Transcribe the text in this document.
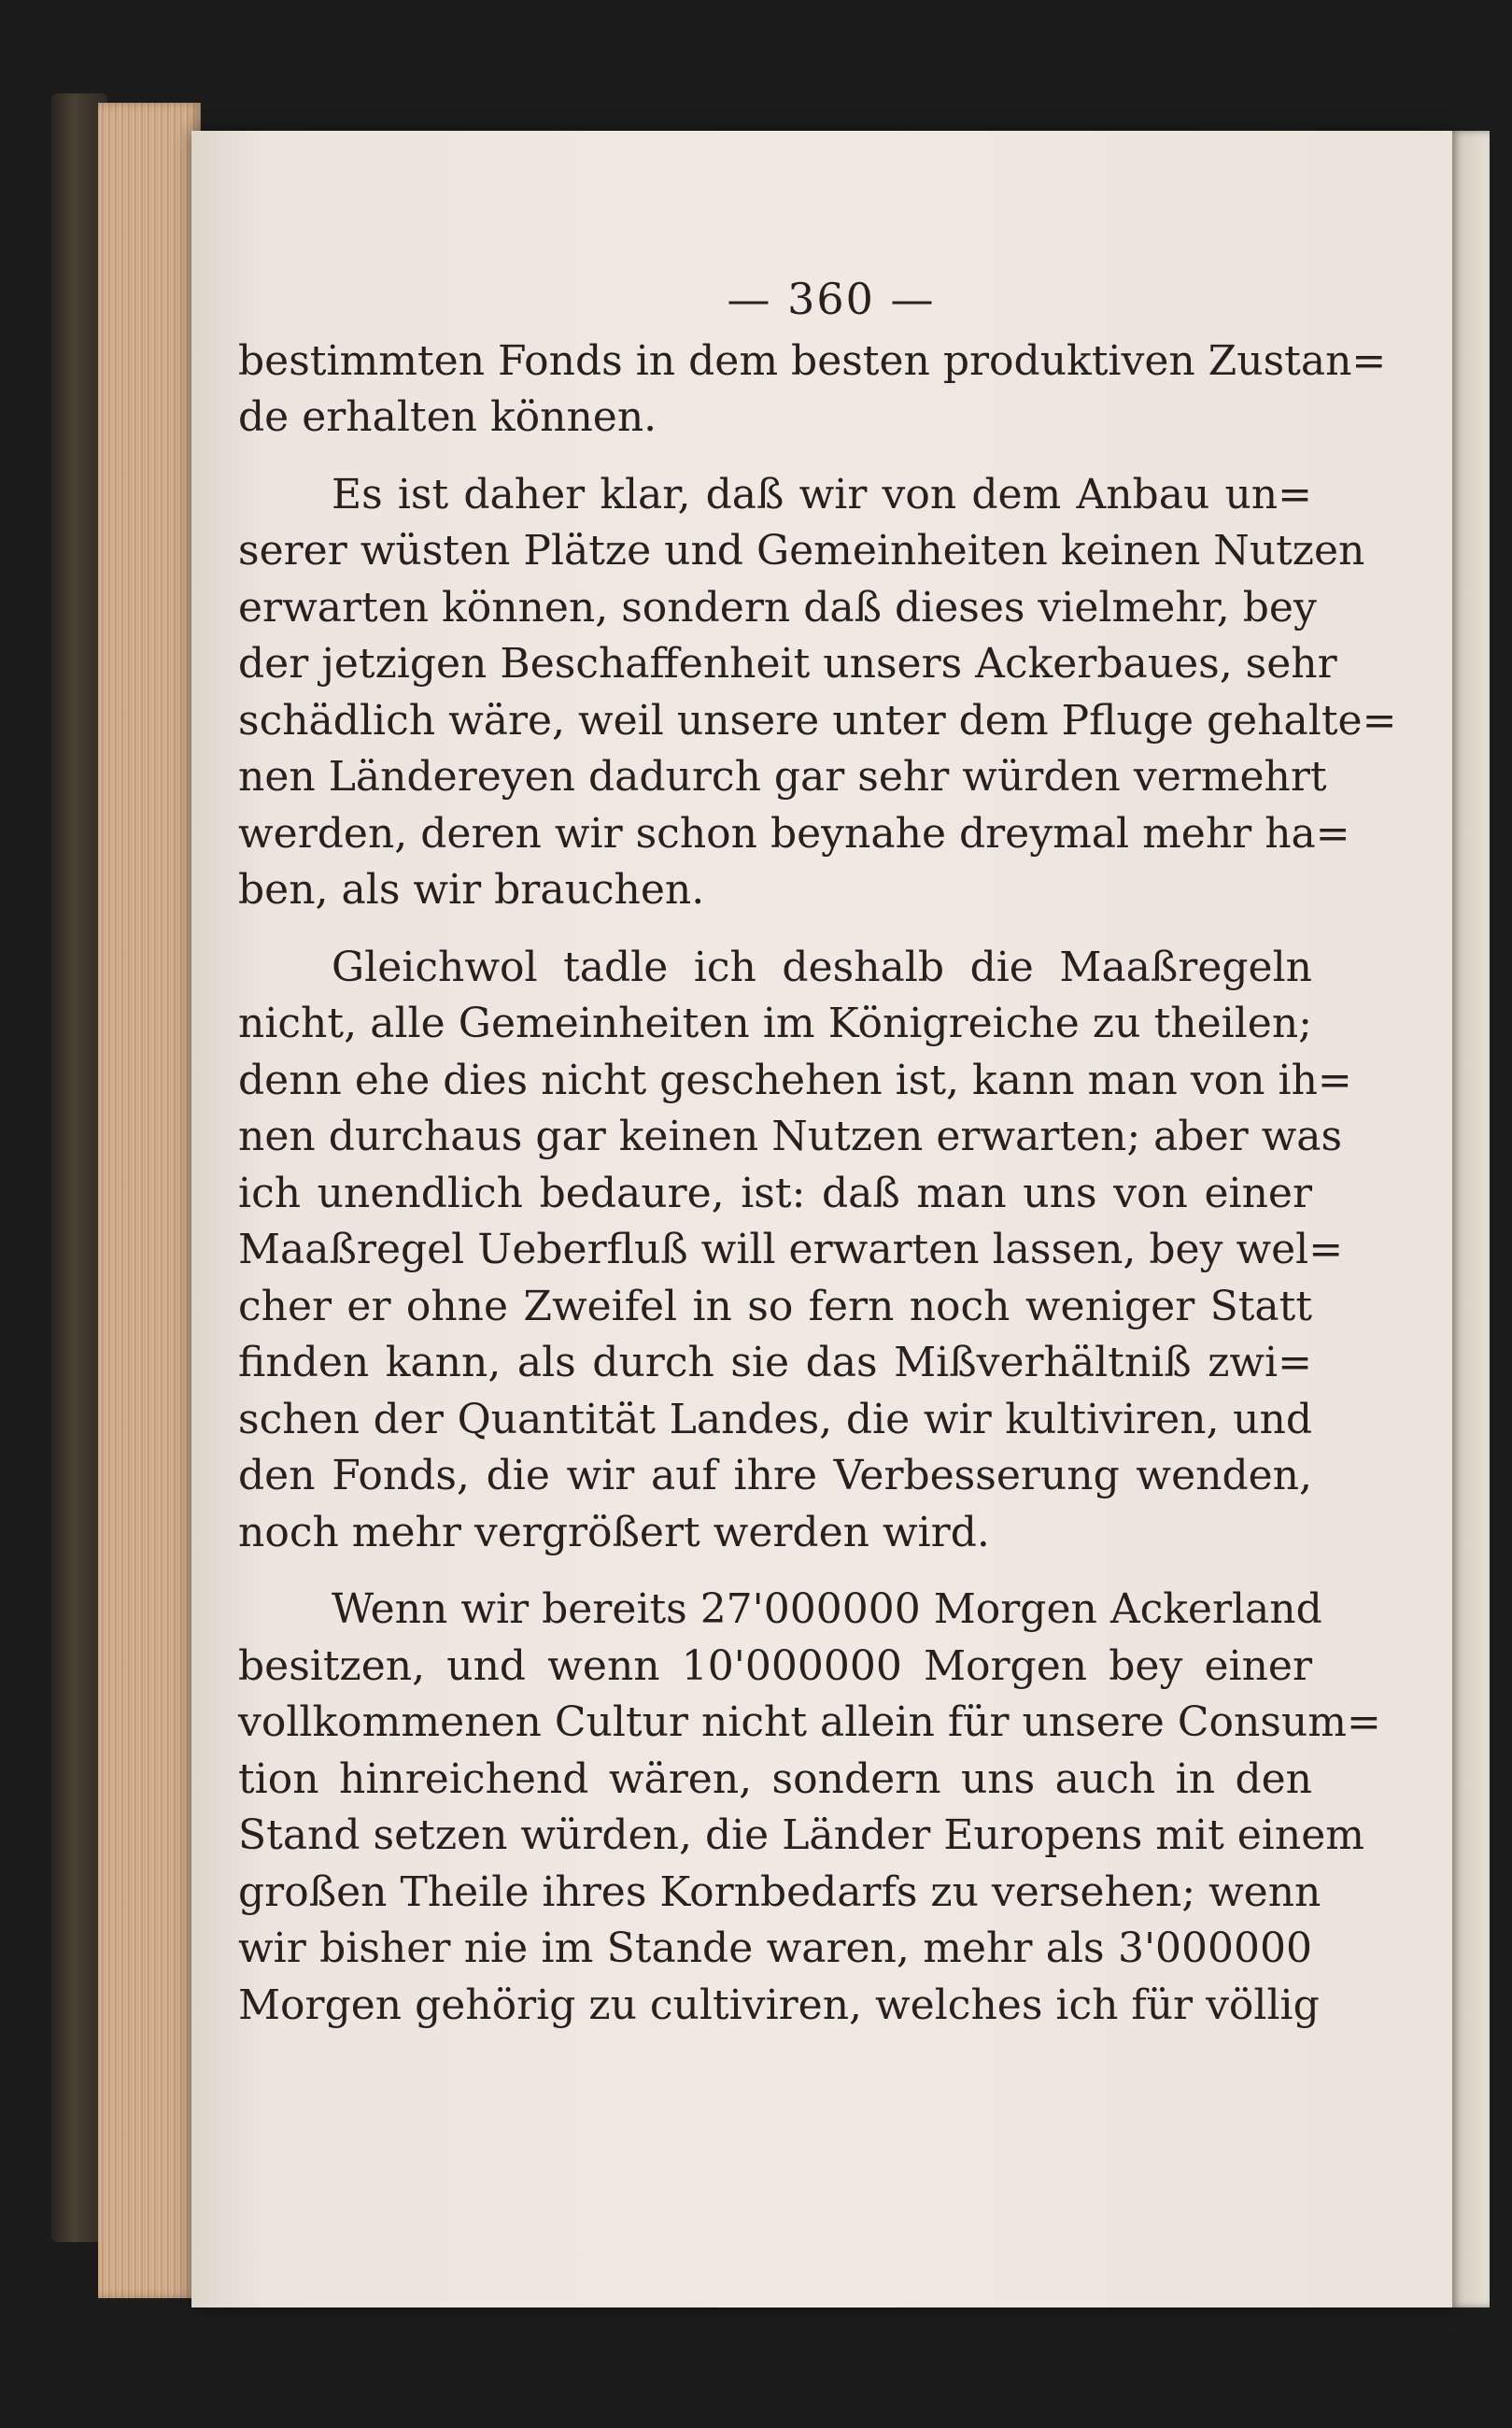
— 360 —
bestimmten Fonds in dem besten produktiven Zustan=
de erhalten können.
Es ist daher klar, daß wir von dem Anbau un=
serer wüsten Plätze und Gemeinheiten keinen Nutzen
erwarten können, sondern daß dieses vielmehr, bey
der jetzigen Beschaffenheit unsers Ackerbaues, sehr
schädlich wäre, weil unsere unter dem Pfluge gehalte=
nen Ländereyen dadurch gar sehr würden vermehrt
werden, deren wir schon beynahe dreymal mehr ha=
ben, als wir brauchen.
Gleichwol tadle ich deshalb die Maaßregeln
nicht, alle Gemeinheiten im Königreiche zu theilen;
denn ehe dies nicht geschehen ist, kann man von ih=
nen durchaus gar keinen Nutzen erwarten; aber was
ich unendlich bedaure, ist: daß man uns von einer
Maaßregel Ueberfluß will erwarten lassen, bey wel=
cher er ohne Zweifel in so fern noch weniger Statt
finden kann, als durch sie das Mißverhältniß zwi=
schen der Quantität Landes, die wir kultiviren, und
den Fonds, die wir auf ihre Verbesserung wenden,
noch mehr vergrößert werden wird.
Wenn wir bereits 27'000000 Morgen Ackerland
besitzen, und wenn 10'000000 Morgen bey einer
vollkommenen Cultur nicht allein für unsere Consum=
tion hinreichend wären, sondern uns auch in den
Stand setzen würden, die Länder Europens mit einem
großen Theile ihres Kornbedarfs zu versehen; wenn
wir bisher nie im Stande waren, mehr als 3'000000
Morgen gehörig zu cultiviren, welches ich für völlig
